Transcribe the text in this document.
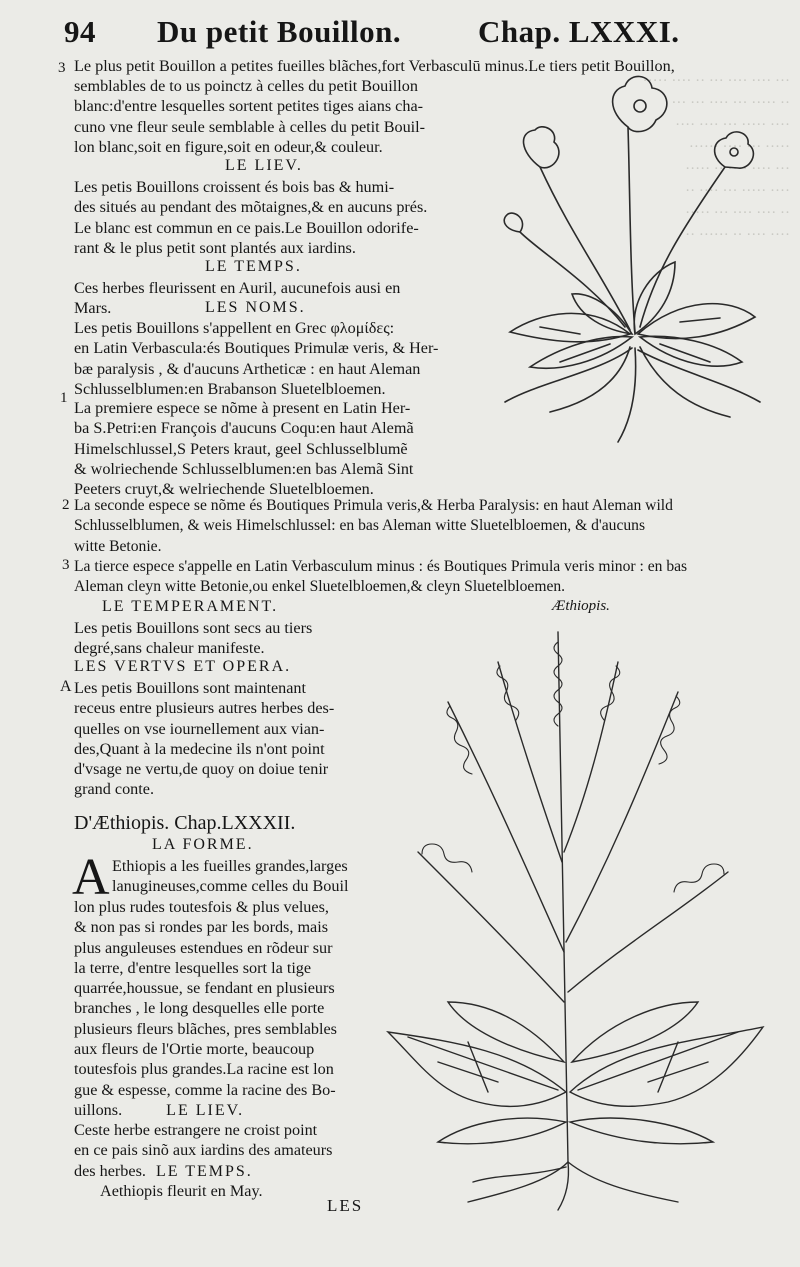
··· ···· ···· ··· ·· ···· ·····
·· ····· ··· ···· ··· ···
···· ····· ··· ···· ····
····· ··· ···· ······
··· ···· ···· ·· ·····
···· ····· ··· ···· ··
·· ···· ···· ··· ·····
···· ···· ·· ······ ··
94 Du petit Bouillon. Chap. LXXXI.
3
1
2
3
A
Le plus petit Bouillon a petites fueilles blãches,fort Verbasculū minus.Le tiers petit Bouillon,
semblables de to us poinctz à celles du petit Bouillon
blanc:d'entre lesquelles sortent petites tiges aians cha-
cuno vne fleur seule semblable à celles du petit Bouil-
lon blanc,soit en figure,soit en odeur,& couleur.
LE LIEV.
Les petis Bouillons croissent és bois bas & humi-
des situés au pendant des mõtaignes,& en aucuns prés.
Le blanc est commun en ce pais.Le Bouillon odorife-
rant & le plus petit sont plantés aux iardins.
LE TEMPS.
Ces herbes fleurissent en Auril, aucunefois ausi en
Mars.	LES NOMS.
Les petis Bouillons s'appellent en Grec φλομίδες:
en Latin Verbascula:és Boutiques Primulæ veris, & Her-
bæ paralysis , & d'aucuns Artheticæ : en haut Aleman
Schlusselblumen:en Brabanson Sluetelbloemen.
La premiere espece se nõme à present en Latin Her-
ba S.Petri:en François d'aucuns Coqu:en haut Alemã
Himelschlussel,S Peters kraut, geel Schlusselblumẽ
& wolriechende Schlusselblumen:en bas Alemã Sint
Peeters cruyt,& welriechende Sluetelbloemen.
La seconde espece se nõme és Boutiques Primula veris,& Herba Paralysis: en haut Aleman wild
Schlusselblumen, & weis Himelschlussel: en bas Aleman witte Sluetelbloemen, & d'aucuns
witte Betonie.
La tierce espece s'appelle en Latin Verbasculum minus : és Boutiques Primula veris minor : en bas
Aleman cleyn witte Betonie,ou enkel Sluetelbloemen,& cleyn Sluetelbloemen.
Æthiopis.
LE TEMPERAMENT.
Les petis Bouillons sont secs au tiers
degré,sans chaleur manifeste.
LES VERTVS ET OPERA.
Les petis Bouillons sont maintenant
receus entre plusieurs autres herbes des-
quelles on vse iournellement aux vian-
des,Quant à la medecine ils n'ont point
d'vsage ne vertu,de quoy on doiue tenir
grand conte.
D'Æthiopis. Chap.LXXXII.
LA FORME.
A Ethiopis a les fueilles grandes,larges
lanugineuses,comme celles du Bouil
lon plus rudes toutesfois & plus velues,
& non pas si rondes par les bords, mais
plus anguleuses estendues en rõdeur sur
la terre, d'entre lesquelles sort la tige
quarrée,houssue, se fendant en plusieurs
branches , le long desquelles elle porte
plusieurs fleurs blãches, pres semblables
aux fleurs de l'Ortie morte, beaucoup
toutesfois plus grandes.La racine est lon
gue & espesse, comme la racine des Bo-
uillons.	LE LIEV.
Ceste herbe estrangere ne croist point
en ce pais sinõ aux iardins des amateurs
des herbes. LE TEMPS.
Aethiopis fleurit en May.
LES
